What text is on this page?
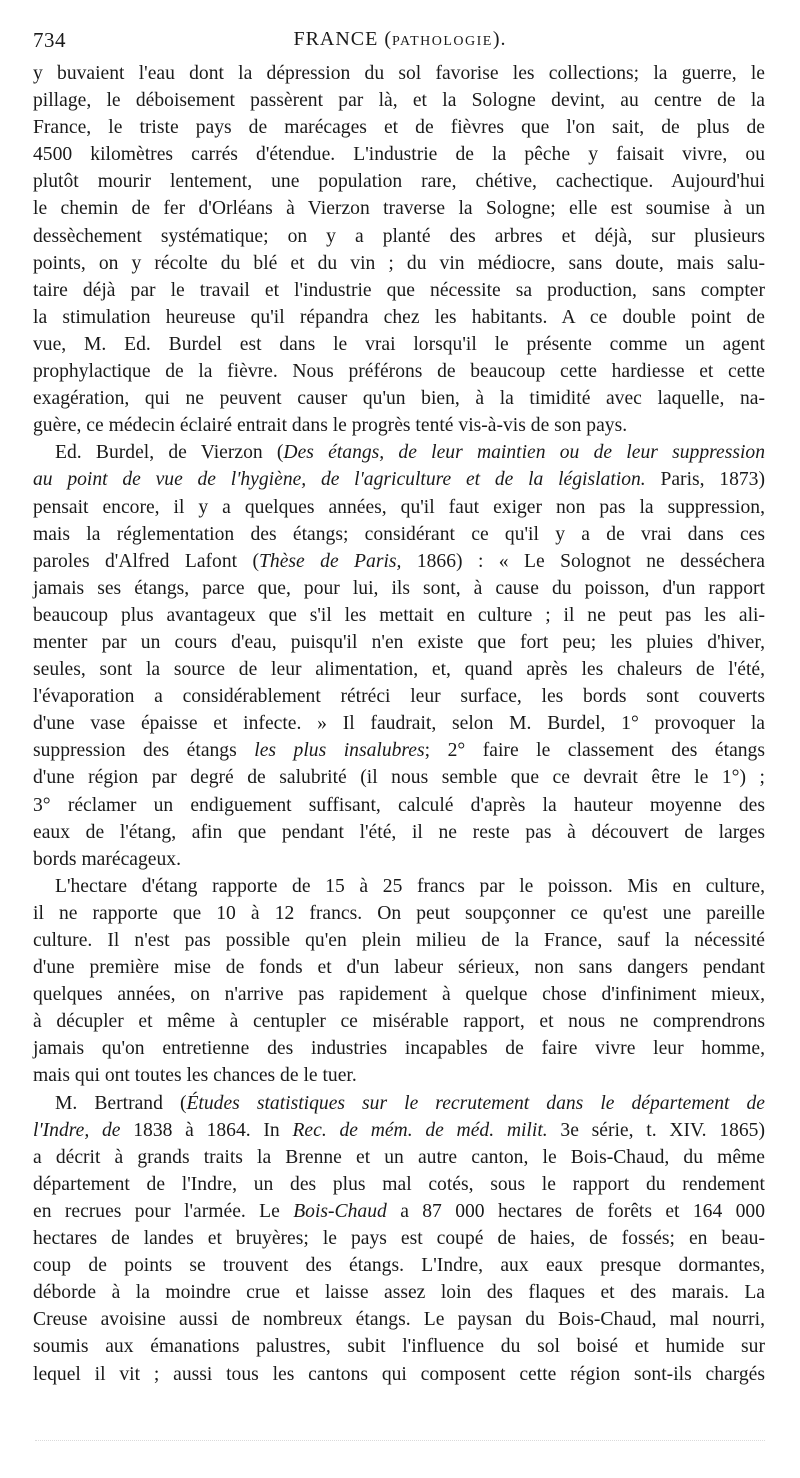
734	FRANCE (PATHOLOGIE).

y buvaient l'eau dont la dépression du sol favorise les collections; la guerre, le
pillage, le déboisement passèrent par là, et la Sologne devint, au centre de la
France, le triste pays de marécages et de fièvres que l'on sait, de plus de
4500 kilomètres carrés d'étendue. L'industrie de la pêche y faisait vivre, ou
plutôt mourir lentement, une population rare, chétive, cachectique. Aujourd'hui
le chemin de fer d'Orléans à Vierzon traverse la Sologne; elle est soumise à un
dessèchement systématique; on y a planté des arbres et déjà, sur plusieurs
points, on y récolte du blé et du vin ; du vin médiocre, sans doute, mais salu-
taire déjà par le travail et l'industrie que nécessite sa production, sans compter
la stimulation heureuse qu'il répandra chez les habitants. A ce double point de
vue, M. Ed. Burdel est dans le vrai lorsqu'il le présente comme un agent
prophylactique de la fièvre. Nous préférons de beaucoup cette hardiesse et cette
exagération, qui ne peuvent causer qu'un bien, à la timidité avec laquelle, na-
guère, ce médecin éclairé entrait dans le progrès tenté vis-à-vis de son pays.

Ed. Burdel, de Vierzon (Des étangs, de leur maintien ou de leur suppression
au point de vue de l'hygiène, de l'agriculture et de la législation. Paris, 1873)
pensait encore, il y a quelques années, qu'il faut exiger non pas la suppression,
mais la réglementation des étangs; considérant ce qu'il y a de vrai dans ces
paroles d'Alfred Lafont (Thèse de Paris, 1866) : « Le Solognot ne desséchera
jamais ses étangs, parce que, pour lui, ils sont, à cause du poisson, d'un rapport
beaucoup plus avantageux que s'il les mettait en culture ; il ne peut pas les ali-
menter par un cours d'eau, puisqu'il n'en existe que fort peu; les pluies d'hiver,
seules, sont la source de leur alimentation, et, quand après les chaleurs de l'été,
l'évaporation a considérablement rétréci leur surface, les bords sont couverts
d'une vase épaisse et infecte. » Il faudrait, selon M. Burdel, 1° provoquer la
suppression des étangs les plus insalubres; 2° faire le classement des étangs
d'une région par degré de salubrité (il nous semble que ce devrait être le 1°) ;
3° réclamer un endiguement suffisant, calculé d'après la hauteur moyenne des
eaux de l'étang, afin que pendant l'été, il ne reste pas à découvert de larges
bords marécageux.

L'hectare d'étang rapporte de 15 à 25 francs par le poisson. Mis en culture,
il ne rapporte que 10 à 12 francs. On peut soupçonner ce qu'est une pareille
culture. Il n'est pas possible qu'en plein milieu de la France, sauf la nécessité
d'une première mise de fonds et d'un labeur sérieux, non sans dangers pendant
quelques années, on n'arrive pas rapidement à quelque chose d'infiniment mieux,
à décupler et même à centupler ce misérable rapport, et nous ne comprendrons
jamais qu'on entretienne des industries incapables de faire vivre leur homme,
mais qui ont toutes les chances de le tuer.

M. Bertrand (Études statistiques sur le recrutement dans le département de
l'Indre, de 1838 à 1864. In Rec. de mém. de méd. milit. 3e série, t. XIV. 1865)
a décrit à grands traits la Brenne et un autre canton, le Bois-Chaud, du même
département de l'Indre, un des plus mal cotés, sous le rapport du rendement
en recrues pour l'armée. Le Bois-Chaud a 87 000 hectares de forêts et 164 000
hectares de landes et bruyères; le pays est coupé de haies, de fossés; en beau-
coup de points se trouvent des étangs. L'Indre, aux eaux presque dormantes,
déborde à la moindre crue et laisse assez loin des flaques et des marais. La
Creuse avoisine aussi de nombreux étangs. Le paysan du Bois-Chaud, mal nourri,
soumis aux émanations palustres, subit l'influence du sol boisé et humide sur
lequel il vit ; aussi tous les cantons qui composent cette région sont-ils chargés
